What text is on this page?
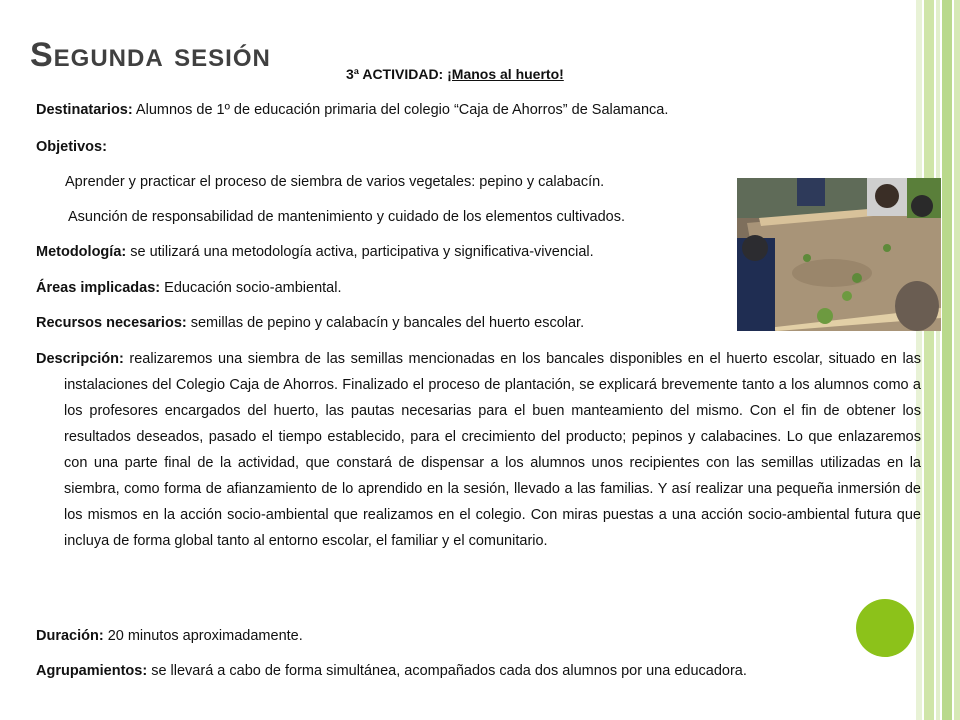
Segunda sesión	3ª ACTIVIDAD: ¡Manos al huerto!
Destinatarios: Alumnos de 1º de educación primaria del colegio “Caja de Ahorros” de Salamanca.
Objetivos:
Aprender y practicar el proceso de siembra de varios vegetales: pepino y calabacín.
Asunción de responsabilidad de mantenimiento y cuidado de los elementos cultivados.
Metodología: se utilizará una metodología activa, participativa y significativa-vivencial.
Áreas implicadas: Educación socio-ambiental.
Recursos necesarios: semillas de pepino y calabacín y bancales del huerto escolar.
Descripción: realizaremos una siembra de las semillas mencionadas en los bancales disponibles en el huerto escolar, situado en las instalaciones del Colegio Caja de Ahorros. Finalizado el proceso de plantación, se explicará brevemente tanto a los alumnos como a los profesores encargados del huerto, las pautas necesarias para el buen manteamiento del mismo. Con el fin de obtener los resultados deseados, pasado el tiempo establecido, para el crecimiento del producto; pepinos y calabacines. Lo que enlazaremos con una parte final de la actividad, que constará de dispensar a los alumnos unos recipientes con las semillas utilizadas en la siembra, como forma de afianzamiento de lo aprendido en la sesión, llevado a las familias. Y así realizar una pequeña inmersión de los mismos en la acción socio-ambiental que realizamos en el colegio. Con miras puestas a una acción socio-ambiental futura que incluya de forma global tanto al entorno escolar, el familiar y el comunitario.
Duración: 20 minutos aproximadamente.
Agrupamientos: se llevará a cabo de forma simultánea, acompañados cada dos alumnos por una educadora.
